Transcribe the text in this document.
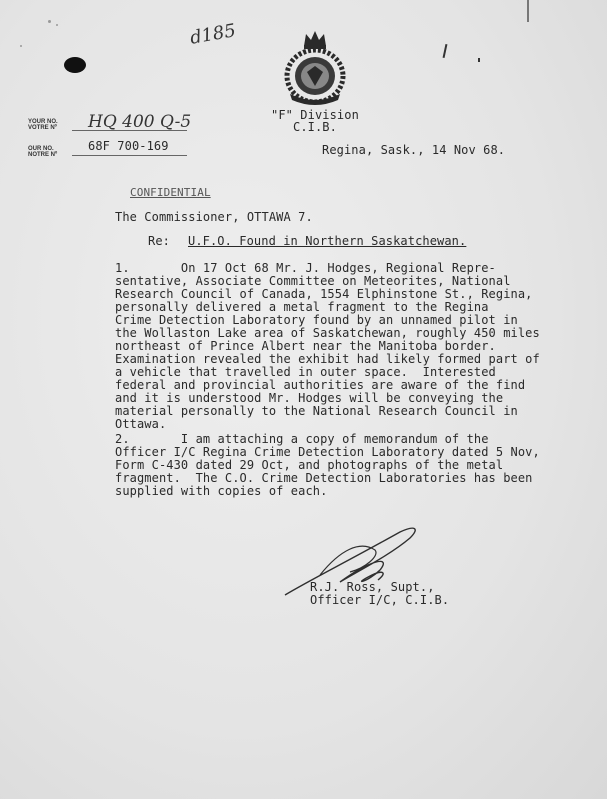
d185
"F" Division
C.I.B.
YOUR NO.
VOTRE Nº HQ 400 Q-5
OUR NO.
NOTRE Nº
68F 700-169	Regina, Sask., 14 Nov 68.
CONFIDENTIAL
The Commissioner, OTTAWA 7.
Re: U.F.O. Found in Northern Saskatchewan.
1.       On 17 Oct 68 Mr. J. Hodges, Regional Repre-
sentative, Associate Committee on Meteorites, National
Research Council of Canada, 1554 Elphinstone St., Regina,
personally delivered a metal fragment to the Regina
Crime Detection Laboratory found by an unnamed pilot in
the Wollaston Lake area of Saskatchewan, roughly 450 miles
northeast of Prince Albert near the Manitoba border.
Examination revealed the exhibit had likely formed part of
a vehicle that travelled in outer space.  Interested
federal and provincial authorities are aware of the find
and it is understood Mr. Hodges will be conveying the
material personally to the National Research Council in
Ottawa.
2.       I am attaching a copy of memorandum of the
Officer I/C Regina Crime Detection Laboratory dated 5 Nov,
Form C-430 dated 29 Oct, and photographs of the metal
fragment.  The C.O. Crime Detection Laboratories has been
supplied with copies of each.
R.J. Ross, Supt.,
Officer I/C, C.I.B.
